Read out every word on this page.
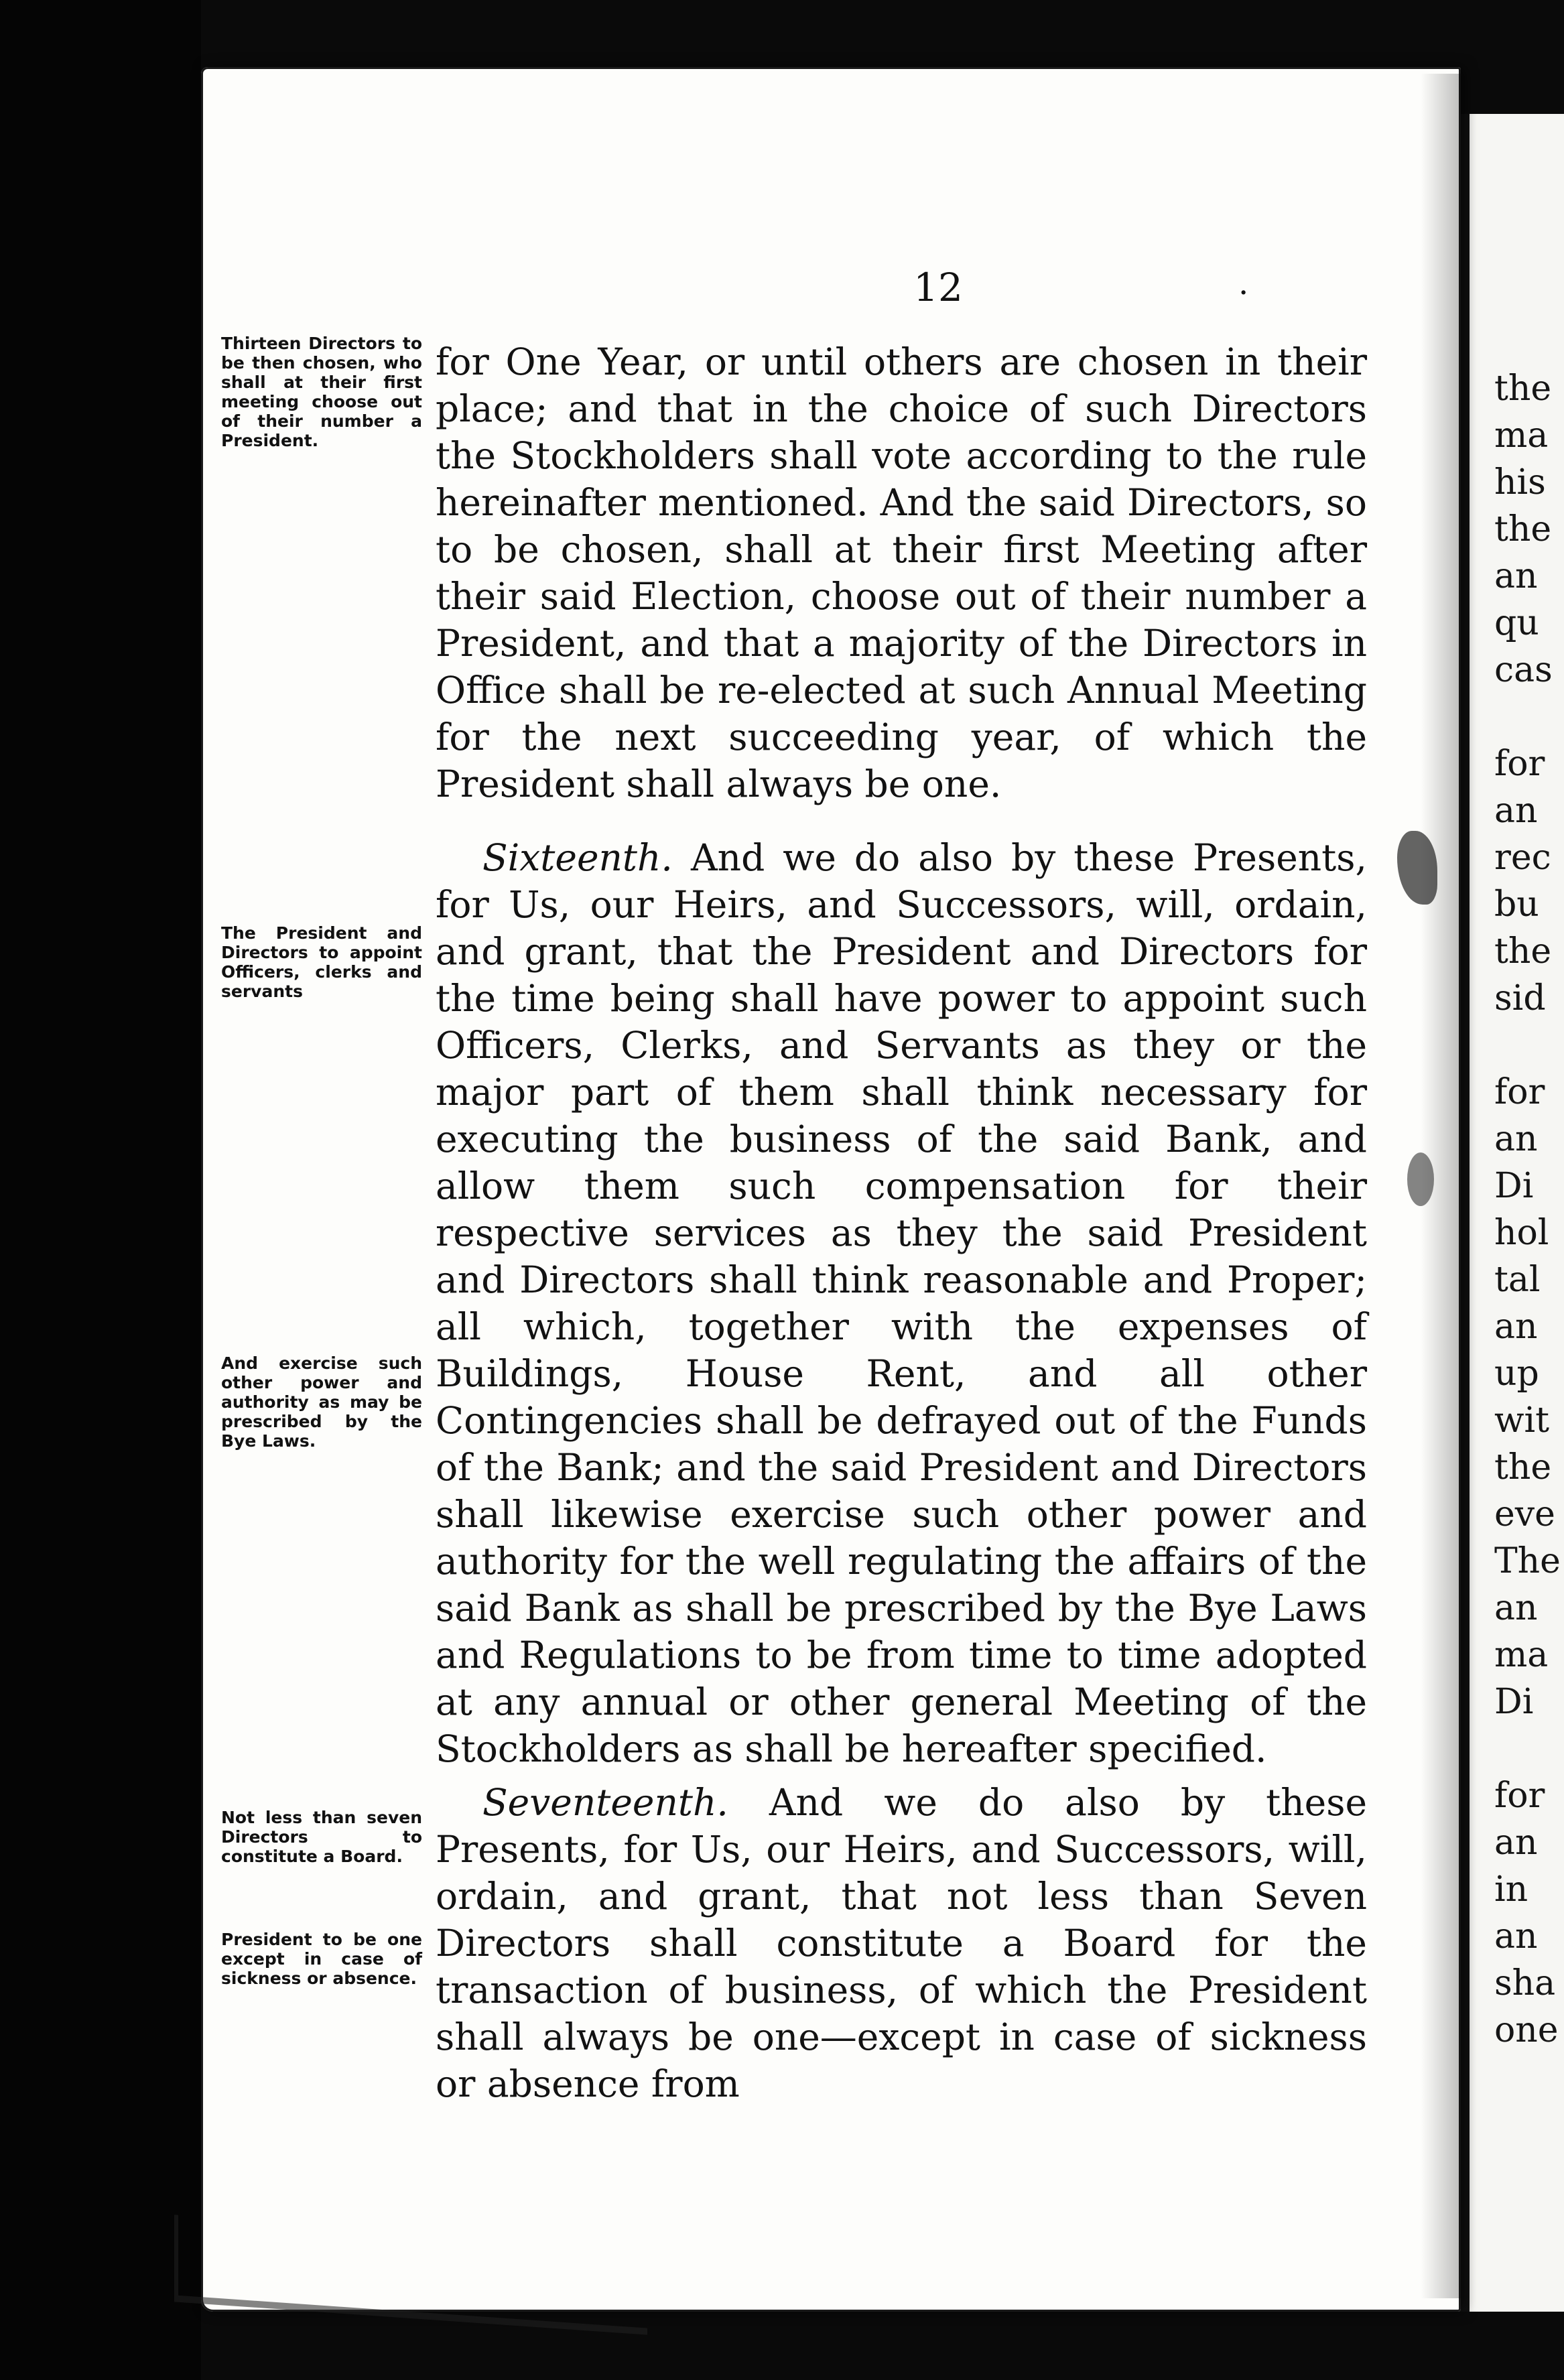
12	.
Thirteen Directors to be then chosen, who shall at their first meeting choose out of their number a President.
The President and Directors to appoint Officers, clerks and servants
And exercise such other power and authority as may be prescribed by the Bye Laws.
Not less than seven Directors to constitute a Board.
President to be one except in case of sickness or absence.

for One Year, or until others are chosen in their place; and that in the choice of such Directors the Stockholders shall vote according to the rule hereinafter mentioned. And the said Directors, so to be chosen, shall at their first Meeting after their said Election, choose out of their number a President, and that a majority of the Directors in Office shall be re-elected at such Annual Meeting for the next succeeding year, of which the President shall always be one.

Sixteenth. And we do also by these Presents, for Us, our Heirs, and Successors, will, ordain, and grant, that the President and Directors for the time being shall have power to appoint such Officers, Clerks, and Servants as they or the major part of them shall think necessary for executing the business of the said Bank, and allow them such compensation for their respective services as they the said President and Directors shall think reasonable and Proper; all which, together with the expenses of Buildings, House Rent, and all other Contingencies shall be defrayed out of the Funds of the Bank; and the said President and Directors shall likewise exercise such other power and authority for the well regulating the affairs of the said Bank as shall be prescribed by the Bye Laws and Regulations to be from time to time adopted at any annual or other general Meeting of the Stockholders as shall be hereafter specified.

Seventeenth. And we do also by these Presents, for Us, our Heirs, and Successors, will, ordain, and grant, that not less than Seven Directors shall constitute a Board for the transaction of business, of which the President shall always be one—except in case of sickness or absence from

the
ma
his
the
an
qu
cas
for
an
rec
bu
the
sid
for
an
Di
hol
tal
an
up
wit
the
eve
The
an
ma
Di
for
an
in
an
sha
one
